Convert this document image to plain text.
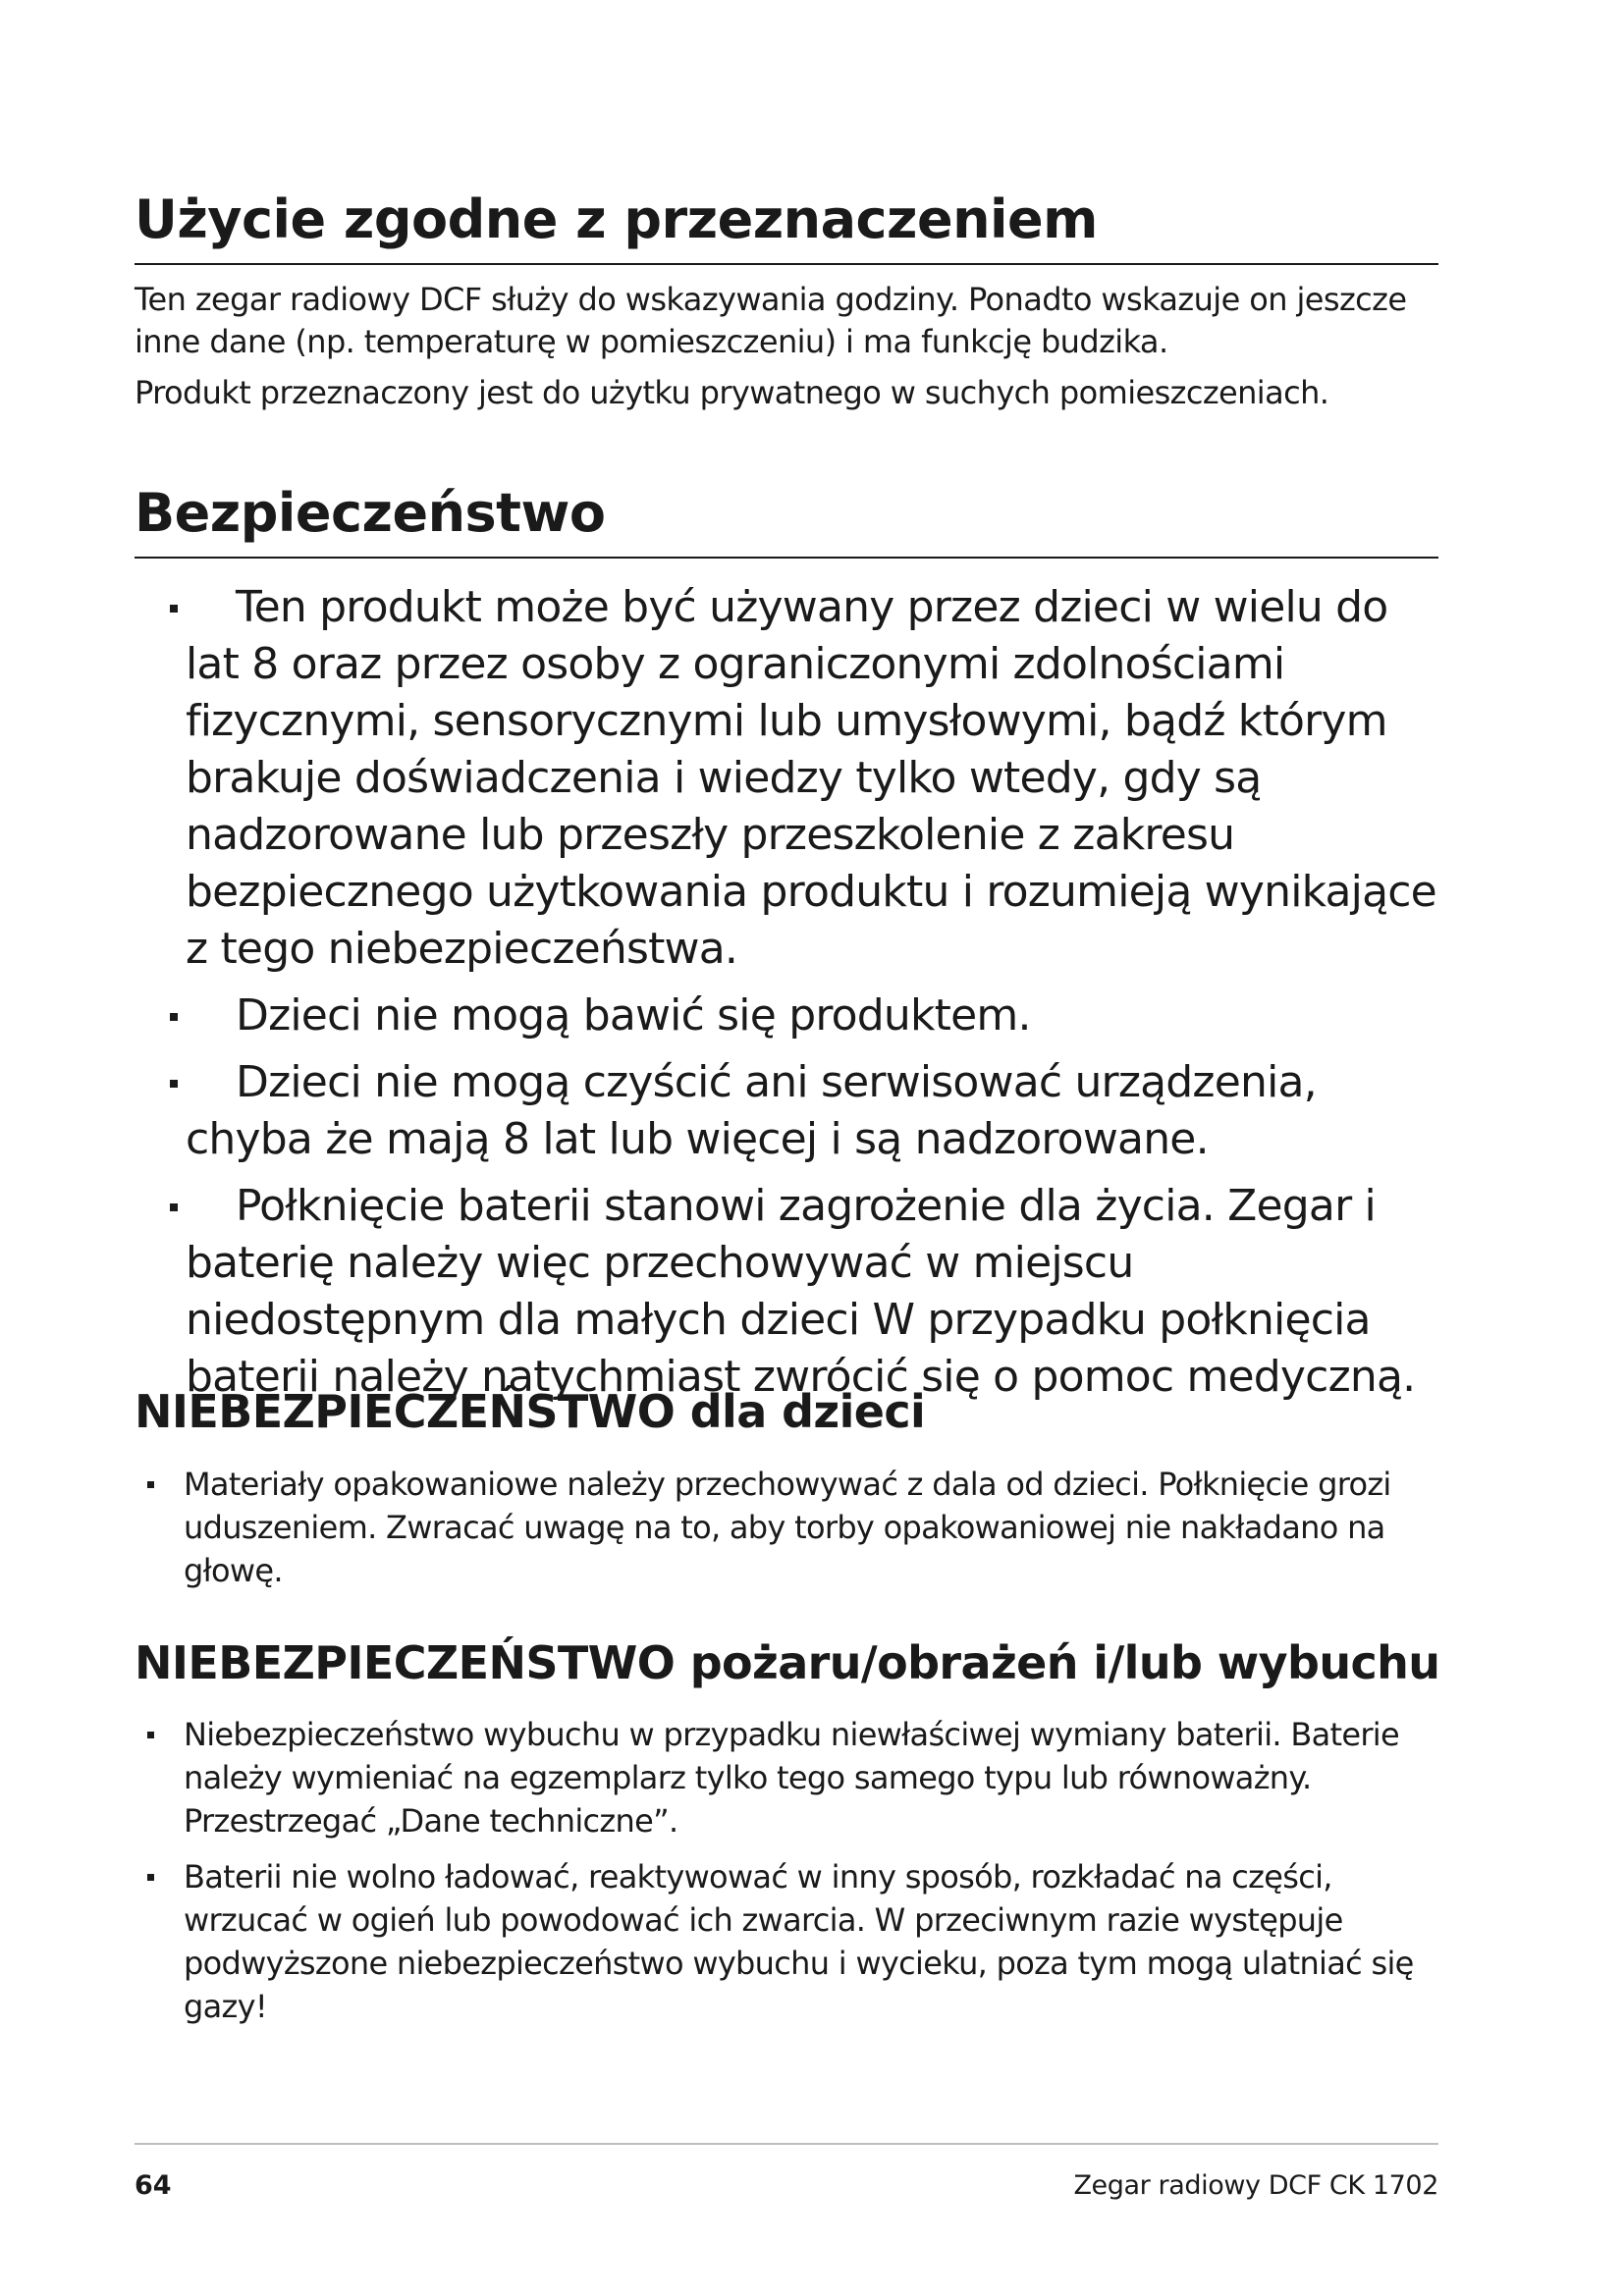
Użycie zgodne z przeznaczeniem

Ten zegar radiowy DCF służy do wskazywania godziny. Ponadto wskazuje on jeszcze inne dane (np. temperaturę w pomieszczeniu) i ma funkcję budzika.

Produkt przeznaczony jest do użytku prywatnego w suchych pomieszczeniach.

Bezpieczeństwo
Ten produkt może być używany przez dzieci w wielu do lat 8 oraz przez osoby z ograniczonymi zdolnościami fizycznymi, sensorycznymi lub umysłowymi, bądź którym brakuje doświadczenia i wiedzy tylko wtedy, gdy są nadzorowane lub przeszły przeszkolenie z zakresu bezpiecznego użytkowania produktu i rozumieją wynikające z tego niebezpieczeństwa.
Dzieci nie mogą bawić się produktem.
Dzieci nie mogą czyścić ani serwisować urządzenia, chyba że mają 8 lat lub więcej i są nadzorowane.
Połknięcie baterii stanowi zagrożenie dla życia. Zegar i baterię należy więc przechowywać w miejscu niedostępnym dla małych dzieci W przypadku połknięcia baterii należy natychmiast zwrócić się o pomoc medyczną.
NIEBEZPIECZEŃSTWO dla dzieci
Materiały opakowaniowe należy przechowywać z dala od dzieci. Połknięcie grozi uduszeniem. Zwracać uwagę na to, aby torby opakowaniowej nie nakładano na głowę.
NIEBEZPIECZEŃSTWO pożaru/obrażeń i/lub wybuchu
Niebezpieczeństwo wybuchu w przypadku niewłaściwej wymiany baterii. Baterie należy wymieniać na egzemplarz tylko tego samego typu lub równoważny. Przestrzegać „Dane techniczne”.
Baterii nie wolno ładować, reaktywować w inny sposób, rozkładać na części, wrzucać w ogień lub powodować ich zwarcia. W przeciwnym razie występuje podwyższone niebezpieczeństwo wybuchu i wycieku, poza tym mogą ulatniać się gazy!
64	Zegar radiowy DCF CK 1702
